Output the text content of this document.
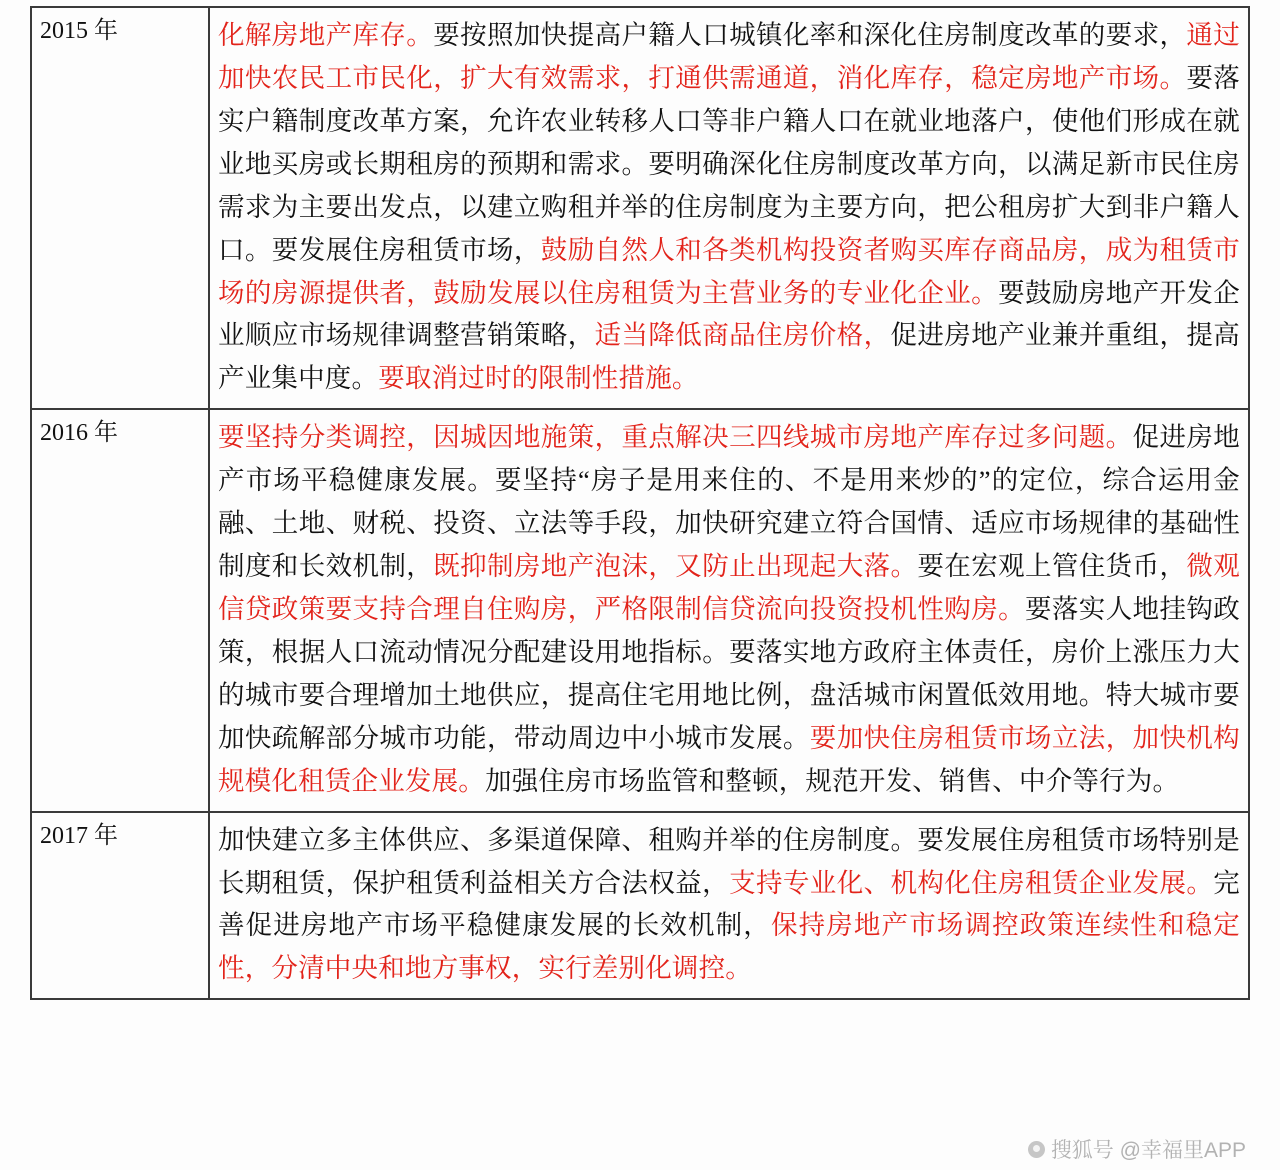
2015 年	化解房地产库存。要按照加快提高户籍人口城镇化率和深化住房制度改革的要求，通过加快农民工市民化，扩大有效需求，打通供需通道，消化库存，稳定房地产市场。要落实户籍制度改革方案，允许农业转移人口等非户籍人口在就业地落户，使他们形成在就业地买房或长期租房的预期和需求。要明确深化住房制度改革方向，以满足新市民住房需求为主要出发点，以建立购租并举的住房制度为主要方向，把公租房扩大到非户籍人口。要发展住房租赁市场，鼓励自然人和各类机构投资者购买库存商品房，成为租赁市场的房源提供者，鼓励发展以住房租赁为主营业务的专业化企业。要鼓励房地产开发企业顺应市场规律调整营销策略，适当降低商品住房价格，促进房地产业兼并重组，提高产业集中度。要取消过时的限制性措施。
2016 年	要坚持分类调控，因城因地施策，重点解决三四线城市房地产库存过多问题。促进房地产市场平稳健康发展。要坚持“房子是用来住的、不是用来炒的”的定位，综合运用金融、土地、财税、投资、立法等手段，加快研究建立符合国情、适应市场规律的基础性制度和长效机制，既抑制房地产泡沫，又防止出现起大落。要在宏观上管住货币，微观信贷政策要支持合理自住购房，严格限制信贷流向投资投机性购房。要落实人地挂钩政策，根据人口流动情况分配建设用地指标。要落实地方政府主体责任，房价上涨压力大的城市要合理增加土地供应，提高住宅用地比例，盘活城市闲置低效用地。特大城市要加快疏解部分城市功能，带动周边中小城市发展。要加快住房租赁市场立法，加快机构规模化租赁企业发展。加强住房市场监管和整顿，规范开发、销售、中介等行为。
2017 年	加快建立多主体供应、多渠道保障、租购并举的住房制度。要发展住房租赁市场特别是长期租赁，保护租赁利益相关方合法权益，支持专业化、机构化住房租赁企业发展。完善促进房地产市场平稳健康发展的长效机制，保持房地产市场调控政策连续性和稳定性，分清中央和地方事权，实行差别化调控。
搜狐号 @幸福里APP
